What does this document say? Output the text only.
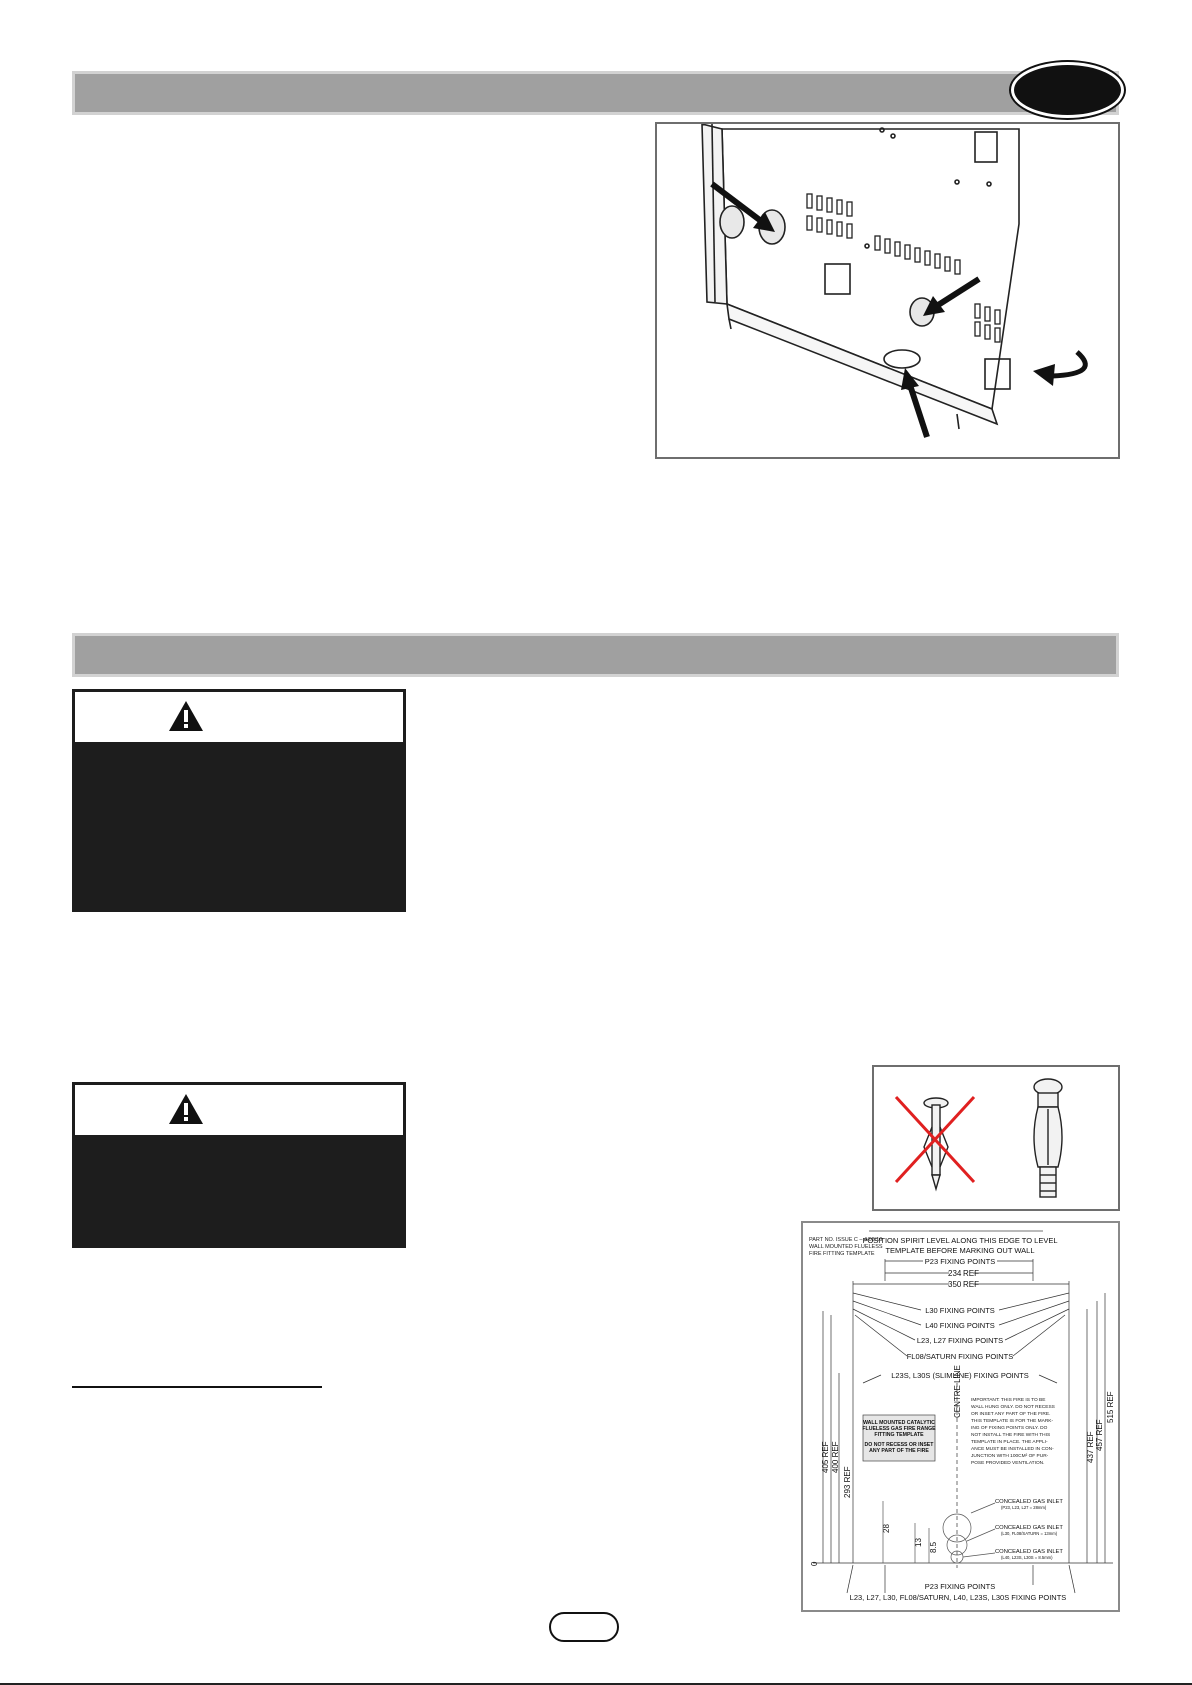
PART NO. ISSUE C – 4/08/16
WALL MOUNTED FLUELESS
FIRE FITTING TEMPLATE
POSITION SPIRIT LEVEL ALONG THIS EDGE TO LEVEL
TEMPLATE BEFORE MARKING OUT WALL
P23 FIXING POINTS
234 REF
350 REF
L30 FIXING POINTS
L40 FIXING POINTS
L23, L27 FIXING POINTS
FL08/SATURN FIXING POINTS
L23S, L30S (SLIMLINE) FIXING POINTS
405 REF 400 REF
293 REF
437 REF 457 REF
515 REF
CENTRE LINE
28
13 8.5
0
WALL MOUNTED CATALYTIC
FLUELESS GAS FIRE RANGE
FITTING TEMPLATE
DO NOT RECESS OR INSET
ANY PART OF THE FIRE
IMPORTANT: THIS FIRE IS TO BE
WALL HUNG ONLY. DO NOT RECESS
OR INSET ANY PART OF THE FIRE.
THIS TEMPLATE IS FOR THE MARK-
ING OF FIXING POINTS ONLY. DO
NOT INSTALL THE FIRE WITH THIS
TEMPLATE IN PLACE. THE APPLI-
ANCE MUST BE INSTALLED IN CON-
JUNCTION WITH 100CM² OF PUR-
POSE PROVIDED VENTILATION.
CONCEALED GAS INLET
(P23, L23, L27 = 28mm)
CONCEALED GAS INLET
(L30, FL08/SATURN = 13mm)
CONCEALED GAS INLET
(L40, L23S, L30S = 8.5mm)
P23 FIXING POINTS
L23, L27, L30, FL08/SATURN, L40, L23S, L30S FIXING POINTS
